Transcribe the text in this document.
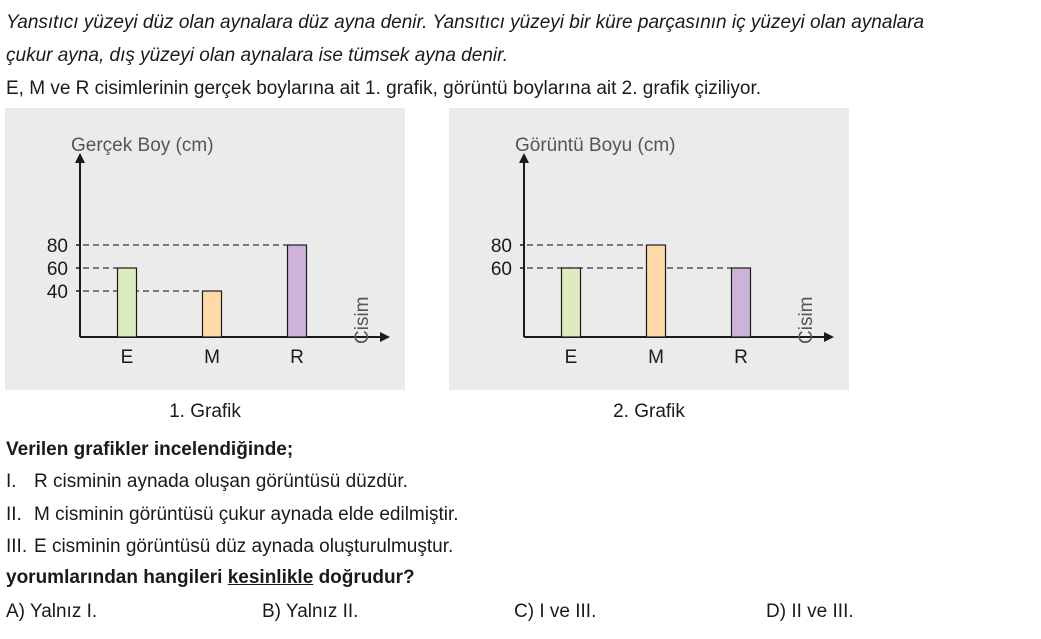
Yansıtıcı yüzeyi düz olan aynalara düz ayna denir. Yansıtıcı yüzeyi bir küre parçasının iç yüzeyi olan aynalara
çukur ayna, dış yüzeyi olan aynalara ise tümsek ayna denir.
E, M ve R cisimlerinin gerçek boylarına ait 1. grafik, görüntü boylarına ait 2. grafik çiziliyor.
Gerçek Boy (cm)
Cisim
40
60
80
E	M	R
Görüntü Boyu (cm)
Cisim
60
80
E	M	R
1. Grafik	2. Grafik
Verilen grafikler incelendiğinde;
I. R cisminin aynada oluşan görüntüsü düzdür.
II. M cisminin görüntüsü çukur aynada elde edilmiştir.
III. E cisminin görüntüsü düz aynada oluşturulmuştur.
yorumlarından hangileri kesinlikle doğrudur?
A) Yalnız I.	B) Yalnız II.	C) I ve III.	D) II ve III.
